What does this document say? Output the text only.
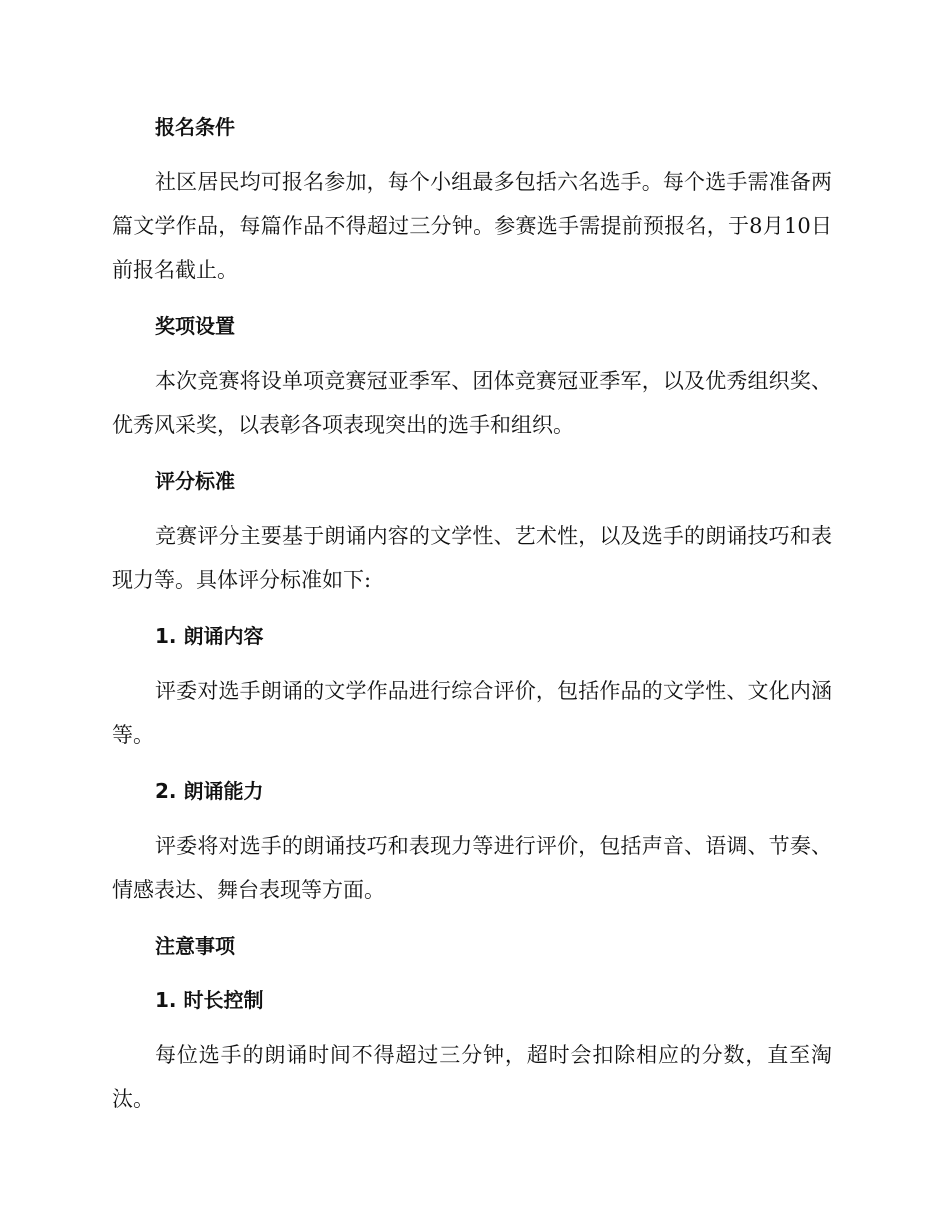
报名条件

社区居民均可报名参加，每个小组最多包括六名选手。每个选手需准备两篇文学作品，每篇作品不得超过三分钟。参赛选手需提前预报名，于8月10日前报名截止。

奖项设置

本次竞赛将设单项竞赛冠亚季军、团体竞赛冠亚季军，以及优秀组织奖、优秀风采奖，以表彰各项表现突出的选手和组织。

评分标准

竞赛评分主要基于朗诵内容的文学性、艺术性，以及选手的朗诵技巧和表现力等。具体评分标准如下:

1. 朗诵内容

评委对选手朗诵的文学作品进行综合评价，包括作品的文学性、文化内涵等。

2. 朗诵能力

评委将对选手的朗诵技巧和表现力等进行评价，包括声音、语调、节奏、情感表达、舞台表现等方面。

注意事项
1. 时长控制

每位选手的朗诵时间不得超过三分钟，超时会扣除相应的分数，直至淘汰。
